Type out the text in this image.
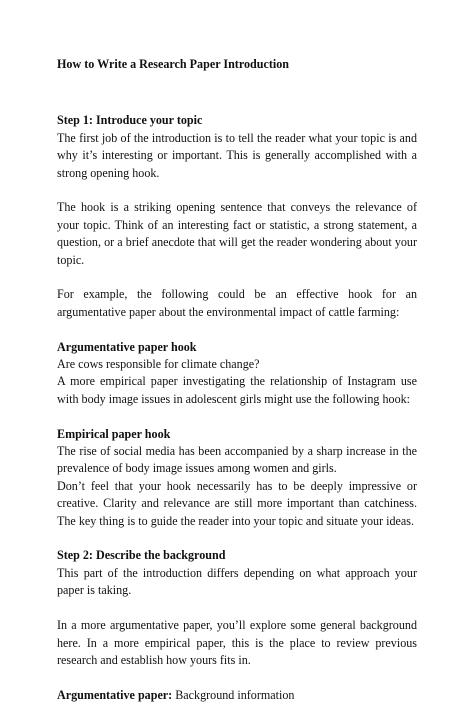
How to Write a Research Paper Introduction
Step 1: Introduce your topic

The first job of the introduction is to tell the reader what your topic is and why it’s interesting or important. This is generally accomplished with a strong opening hook.

The hook is a striking opening sentence that conveys the relevance of your topic. Think of an interesting fact or statistic, a strong statement, a question, or a brief anecdote that will get the reader wondering about your topic.

For example, the following could be an effective hook for an argumentative paper about the environmental impact of cattle farming:

Argumentative paper hook

Are cows responsible for climate change?

A more empirical paper investigating the relationship of Instagram use with body image issues in adolescent girls might use the following hook:

Empirical paper hook

The rise of social media has been accompanied by a sharp increase in the prevalence of body image issues among women and girls.

Don’t feel that your hook necessarily has to be deeply impressive or creative. Clarity and relevance are still more important than catchiness. The key thing is to guide the reader into your topic and situate your ideas.

Step 2: Describe the background

This part of the introduction differs depending on what approach your paper is taking.

In a more argumentative paper, you’ll explore some general background here. In a more empirical paper, this is the place to review previous research and establish how yours fits in.

Argumentative paper: Background information
